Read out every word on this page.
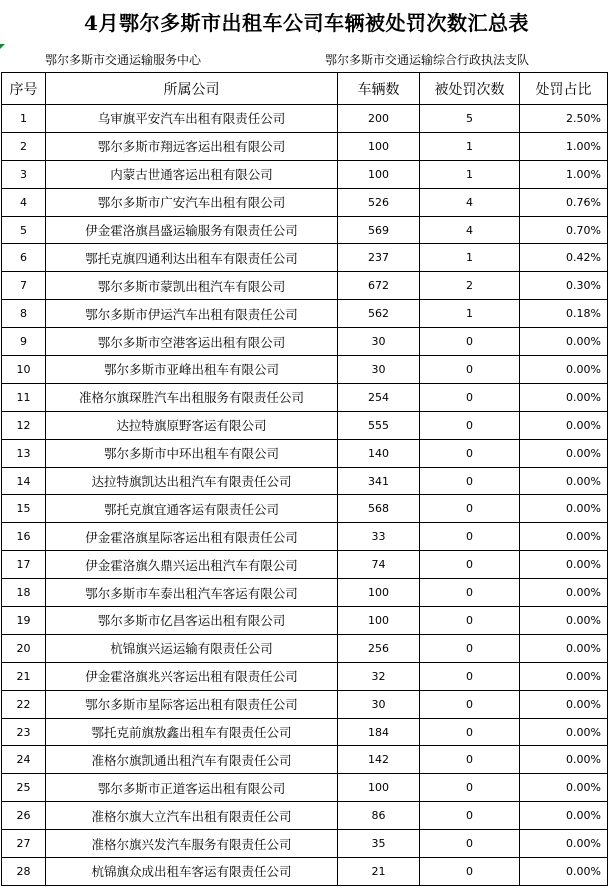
4月鄂尔多斯市出租车公司车辆被处罚次数汇总表
鄂尔多斯市交通运输服务中心	鄂尔多斯市交通运输综合行政执法支队
序号	所属公司	车辆数	被处罚次数	处罚占比
1	乌审旗平安汽车出租有限责任公司	200	5	2.50%
2	鄂尔多斯市翔远客运出租有限公司	100	1	1.00%
3	内蒙古世通客运出租有限公司	100	1	1.00%
4	鄂尔多斯市广安汽车出租有限公司	526	4	0.76%
5	伊金霍洛旗昌盛运输服务有限责任公司	569	4	0.70%
6	鄂托克旗四通利达出租车有限责任公司	237	1	0.42%
7	鄂尔多斯市蒙凯出租汽车有限公司	672	2	0.30%
8	鄂尔多斯市伊运汽车出租有限责任公司	562	1	0.18%
9	鄂尔多斯市空港客运出租有限公司	30	0	0.00%
10	鄂尔多斯市亚峰出租车有限公司	30	0	0.00%
11	准格尔旗琛胜汽车出租服务有限责任公司	254	0	0.00%
12	达拉特旗原野客运有限公司	555	0	0.00%
13	鄂尔多斯市中环出租车有限公司	140	0	0.00%
14	达拉特旗凯达出租汽车有限责任公司	341	0	0.00%
15	鄂托克旗宜通客运有限责任公司	568	0	0.00%
16	伊金霍洛旗星际客运出租有限责任公司	33	0	0.00%
17	伊金霍洛旗久鼎兴运出租汽车有限公司	74	0	0.00%
18	鄂尔多斯市车泰出租汽车客运有限公司	100	0	0.00%
19	鄂尔多斯市亿昌客运出租有限公司	100	0	0.00%
20	杭锦旗兴运运输有限责任公司	256	0	0.00%
21	伊金霍洛旗兆兴客运出租有限责任公司	32	0	0.00%
22	鄂尔多斯市星际客运出租有限责任公司	30	0	0.00%
23	鄂托克前旗敖鑫出租车有限责任公司	184	0	0.00%
24	准格尔旗凯通出租汽车有限责任公司	142	0	0.00%
25	鄂尔多斯市正道客运出租有限公司	100	0	0.00%
26	准格尔旗大立汽车出租有限责任公司	86	0	0.00%
27	准格尔旗兴发汽车服务有限责任公司	35	0	0.00%
28	杭锦旗众成出租车客运有限责任公司	21	0	0.00%
